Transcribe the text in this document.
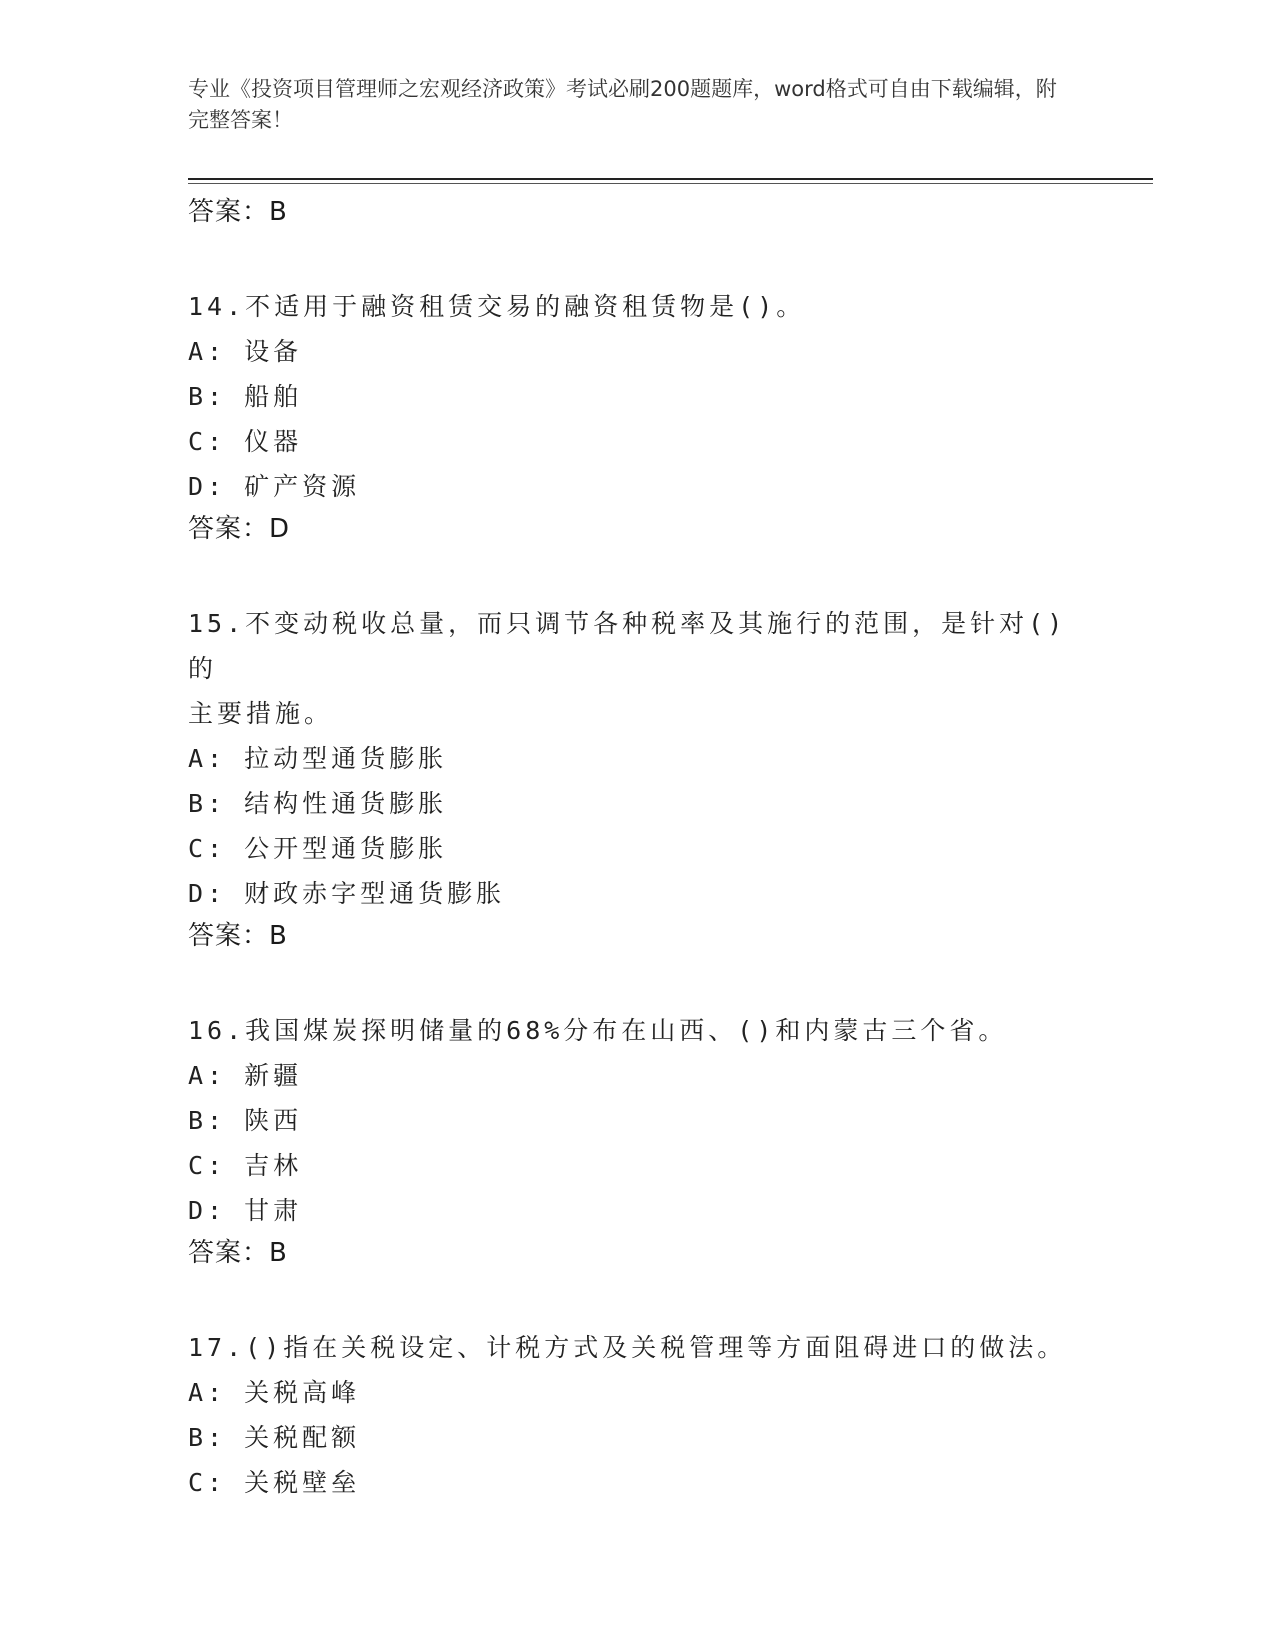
专业《投资项目管理师之宏观经济政策》考试必刷200题题库，word格式可自由下载编辑，附完整答案！
答案：B
14.不适用于融资租赁交易的融资租赁物是()。
A: 设备
B: 船舶
C: 仪器
D: 矿产资源
答案：D
15.不变动税收总量，而只调节各种税率及其施行的范围，是针对()的
主要措施。
A: 拉动型通货膨胀
B: 结构性通货膨胀
C: 公开型通货膨胀
D: 财政赤字型通货膨胀
答案：B
16.我国煤炭探明储量的68%分布在山西、()和内蒙古三个省。
A: 新疆
B: 陕西
C: 吉林
D: 甘肃
答案：B
17.()指在关税设定、计税方式及关税管理等方面阻碍进口的做法。
A: 关税高峰
B: 关税配额
C: 关税壁垒
